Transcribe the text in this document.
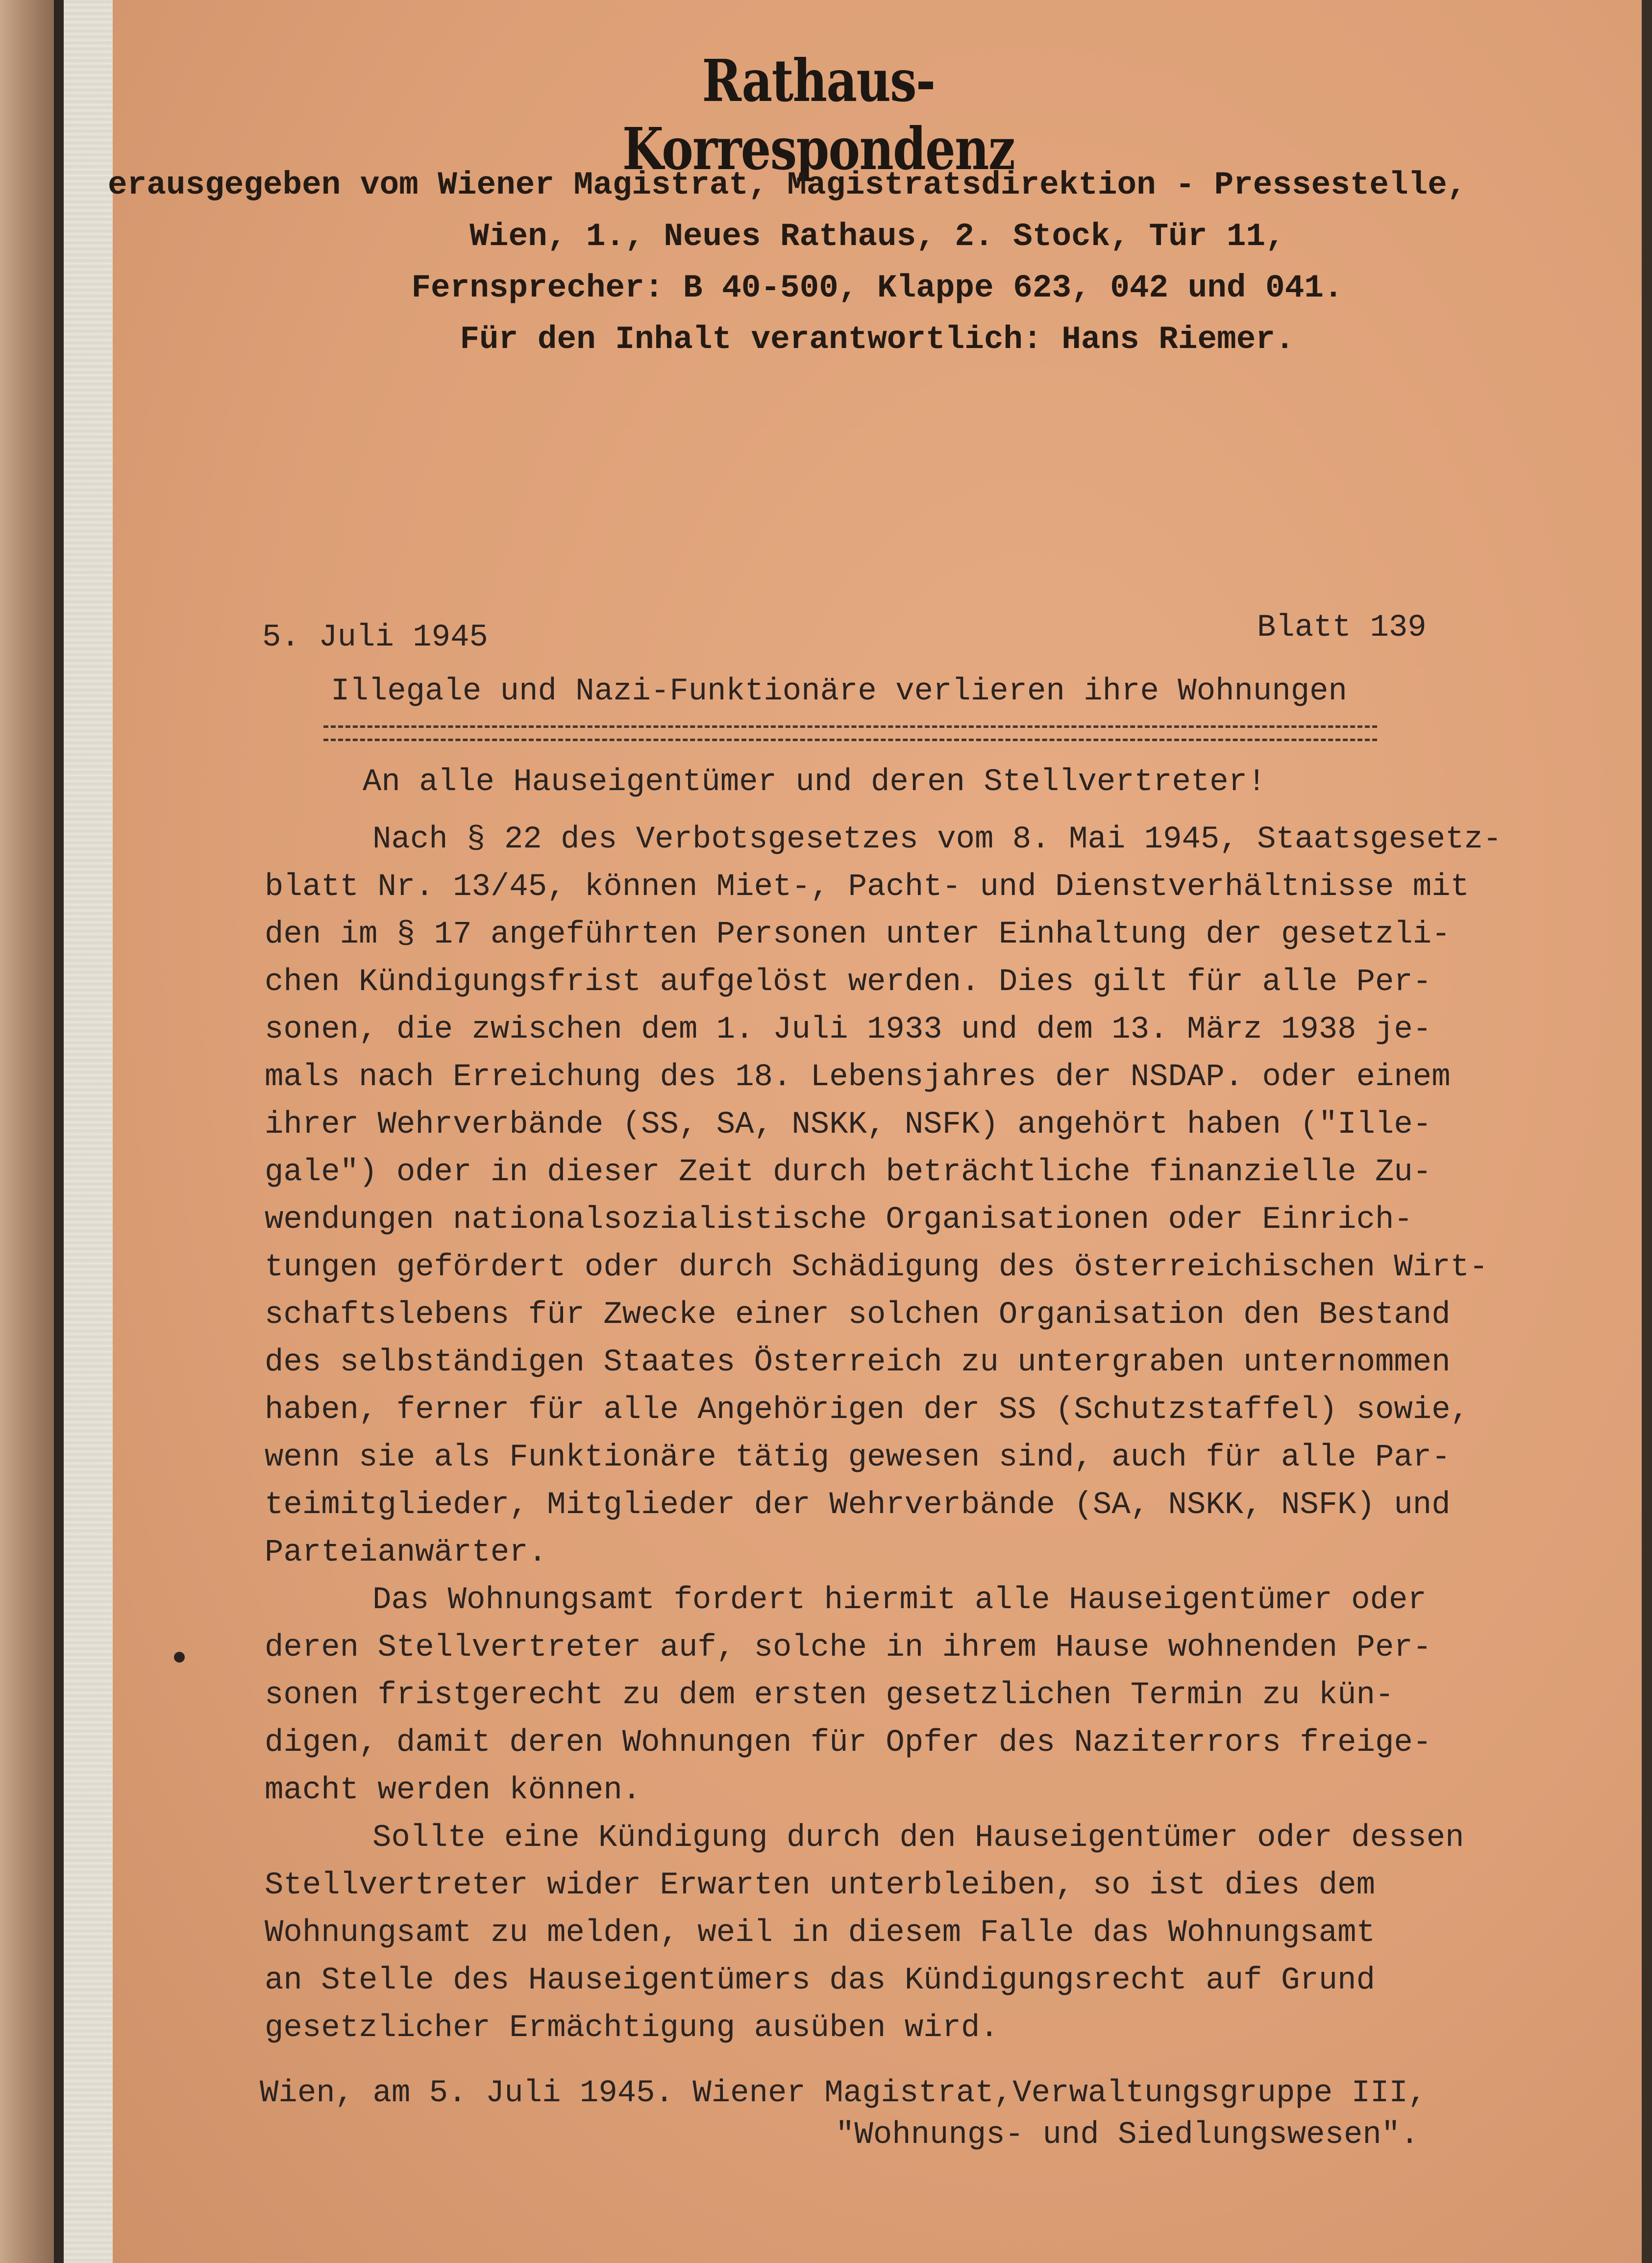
Rathaus-Korrespondenz
erausgegeben vom Wiener Magistrat, Magistratsdirektion - Pressestelle,
Wien, 1., Neues Rathaus, 2. Stock, Tür 11,
Fernsprecher: B 40-500, Klappe 623, 042 und 041.
Für den Inhalt verantwortlich: Hans Riemer.
5. Juli 1945	Blatt 139
Illegale und Nazi-Funktionäre verlieren ihre Wohnungen
An alle Hauseigentümer und deren Stellvertreter!
Nach § 22 des Verbotsgesetzes vom 8. Mai 1945, Staatsgesetz-
blatt Nr. 13/45, können Miet-, Pacht- und Dienstverhältnisse mit
den im § 17 angeführten Personen unter Einhaltung der gesetzli-
chen Kündigungsfrist aufgelöst werden. Dies gilt für alle Per-
sonen, die zwischen dem 1. Juli 1933 und dem 13. März 1938 je-
mals nach Erreichung des 18. Lebensjahres der NSDAP. oder einem
ihrer Wehrverbände (SS, SA, NSKK, NSFK) angehört haben ("Ille-
gale") oder in dieser Zeit durch beträchtliche finanzielle Zu-
wendungen nationalsozialistische Organisationen oder Einrich-
tungen gefördert oder durch Schädigung des österreichischen Wirt-
schaftslebens für Zwecke einer solchen Organisation den Bestand
des selbständigen Staates Österreich zu untergraben unternommen
haben, ferner für alle Angehörigen der SS (Schutzstaffel) sowie,
wenn sie als Funktionäre tätig gewesen sind, auch für alle Par-
teimitglieder, Mitglieder der Wehrverbände (SA, NSKK, NSFK) und
Parteianwärter.
Das Wohnungsamt fordert hiermit alle Hauseigentümer oder
deren Stellvertreter auf, solche in ihrem Hause wohnenden Per-
sonen fristgerecht zu dem ersten gesetzlichen Termin zu kün-
digen, damit deren Wohnungen für Opfer des Naziterrors freige-
macht werden können.
Sollte eine Kündigung durch den Hauseigentümer oder dessen
Stellvertreter wider Erwarten unterbleiben, so ist dies dem
Wohnungsamt zu melden, weil in diesem Falle das Wohnungsamt
an Stelle des Hauseigentümers das Kündigungsrecht auf Grund
gesetzlicher Ermächtigung ausüben wird.
Wien, am 5. Juli 1945. Wiener Magistrat,Verwaltungsgruppe III,
"Wohnungs- und Siedlungswesen".
